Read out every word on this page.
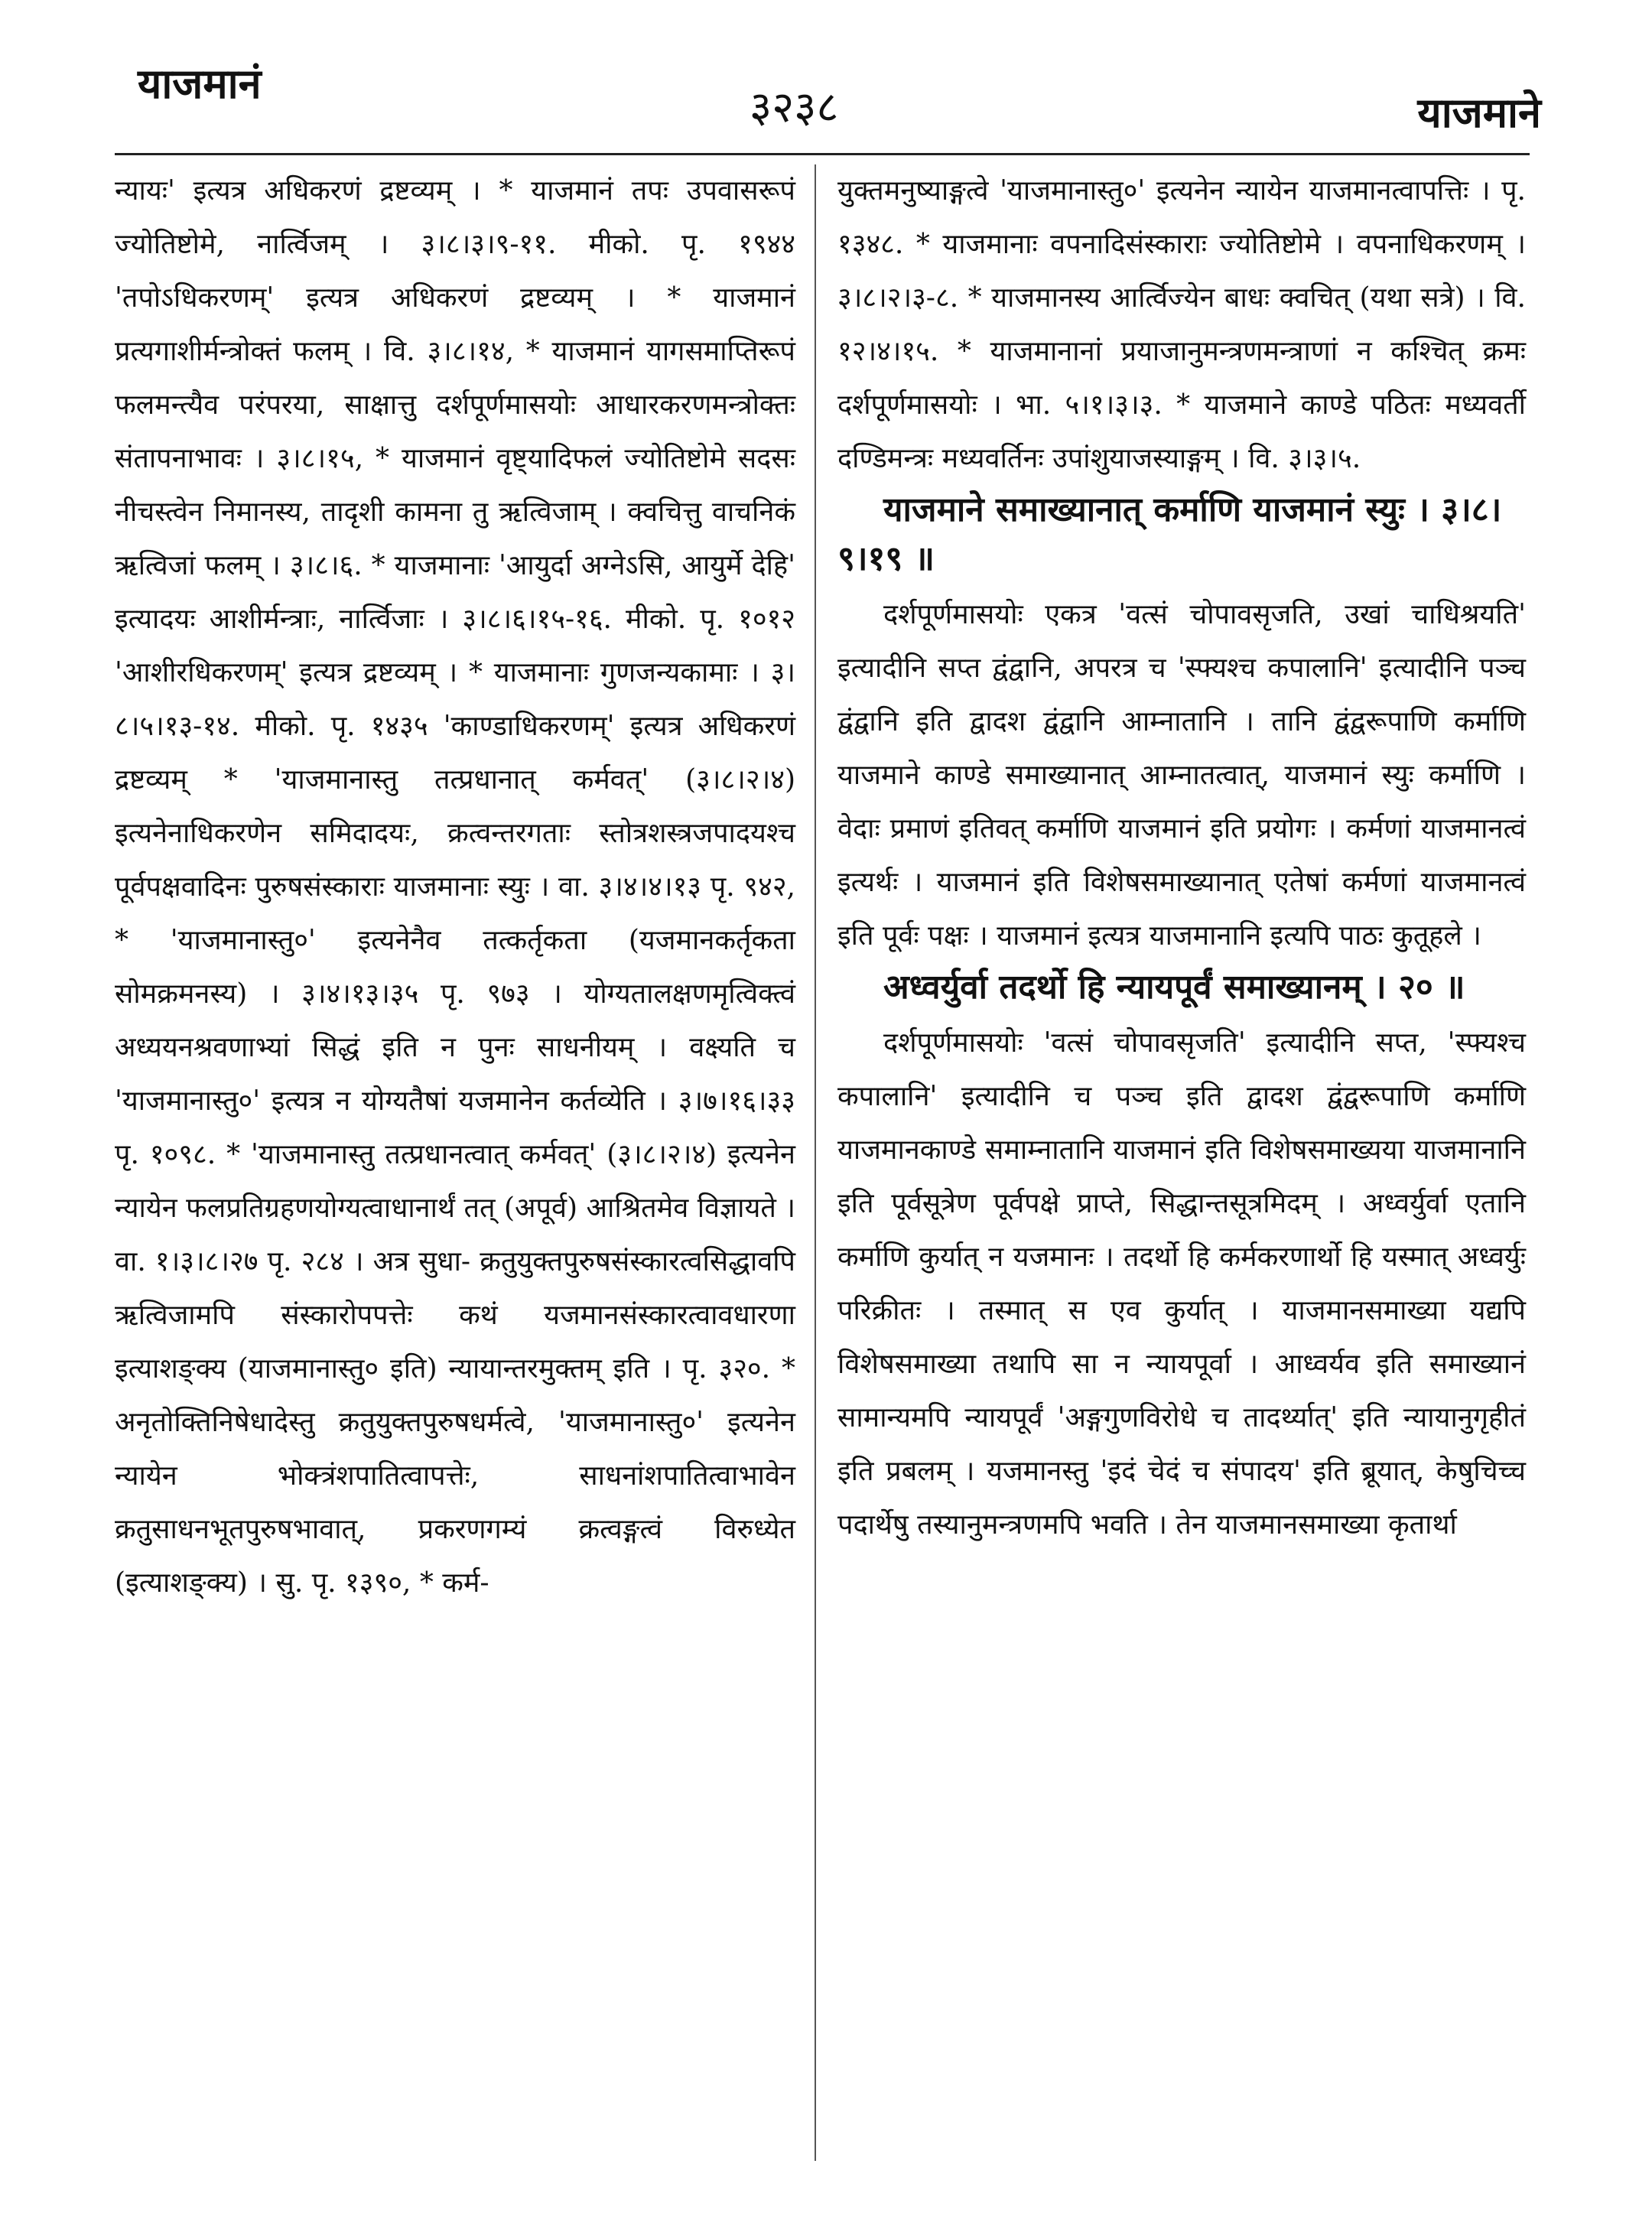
याजमानं	३२३८	याजमाने

न्यायः' इत्यत्र अधिकरणं द्रष्टव्यम् । * याजमानं तपः उपवासरूपं ज्योतिष्टोमे, नार्त्विजम् । ३।८।३।९-११. मीको. पृ. १९४४ 'तपोऽधिकरणम्' इत्यत्र अधिकरणं द्रष्टव्यम् । * याजमानं प्रत्यगाशीर्मन्त्रोक्तं फलम् । वि. ३।८।१४, * याजमानं यागसमाप्तिरूपं फलमन्त्यैव परंपरया, साक्षात्तु दर्शपूर्णमासयोः आधारकरणमन्त्रोक्तः संतापनाभावः । ३।८।१५, * याजमानं वृष्ट्यादिफलं ज्योतिष्टोमे सदसः नीचस्त्वेन निमानस्य, तादृशी कामना तु ऋत्विजाम् । क्वचित्तु वाचनिकं ऋत्विजां फलम् । ३।८।६. * याजमानाः 'आयुर्दा अग्नेऽसि, आयुर्मे देहि' इत्यादयः आशीर्मन्त्राः, नार्त्विजाः । ३।८।६।१५-१६. मीको. पृ. १०१२ 'आशीरधिकरणम्' इत्यत्र द्रष्टव्यम् । * याजमानाः गुणजन्यकामाः । ३।८।५।१३-१४. मीको. पृ. १४३५ 'काण्डाधिकरणम्' इत्यत्र अधिकरणं द्रष्टव्यम् * 'याजमानास्तु तत्प्रधानात् कर्मवत्' (३।८।२।४) इत्यनेनाधिकरणेन समिदादयः, क्रत्वन्तरगताः स्तोत्रशस्त्रजपादयश्च पूर्वपक्षवादिनः पुरुषसंस्काराः याजमानाः स्युः । वा. ३।४।४।१३ पृ. ९४२, * 'याजमानास्तु०' इत्यनेनैव तत्कर्तृकता (यजमानकर्तृकता सोमक्रमनस्य) । ३।४।१३।३५ पृ. ९७३ । योग्यतालक्षणमृत्विक्त्वं अध्ययनश्रवणाभ्यां सिद्धं इति न पुनः साधनीयम् । वक्ष्यति च 'याजमानास्तु०' इत्यत्र न योग्यतैषां यजमानेन कर्तव्येति । ३।७।१६।३३ पृ. १०९८. * 'याजमानास्तु तत्प्रधानत्वात् कर्मवत्' (३।८।२।४) इत्यनेन न्यायेन फलप्रतिग्रहणयोग्यत्वाधानार्थं तत् (अपूर्व) आश्रितमेव विज्ञायते । वा. १।३।८।२७ पृ. २८४ । अत्र सुधा- क्रतुयुक्तपुरुषसंस्कारत्वसिद्धावपि ऋत्विजामपि संस्कारोपपत्तेः कथं यजमानसंस्कारत्वावधारणा इत्याशङ्क्य (याजमानास्तु० इति) न्यायान्तरमुक्तम् इति । पृ. ३२०. * अनृतोक्तिनिषेधादेस्तु क्रतुयुक्तपुरुषधर्मत्वे, 'याजमानास्तु०' इत्यनेन न्यायेन भोक्त्रंशपातित्वापत्तेः, साधनांशपातित्वाभावेन क्रतुसाधनभूतपुरुषभावात्, प्रकरणगम्यं क्रत्वङ्गत्वं विरुध्येत (इत्याशङ्क्य) । सु. पृ. १३९०, * कर्म-

युक्तमनुष्याङ्गत्वे 'याजमानास्तु०' इत्यनेन न्यायेन याजमानत्वापत्तिः । पृ. १३४८. * याजमानाः वपनादिसंस्काराः ज्योतिष्टोमे । वपनाधिकरणम् । ३।८।२।३-८. * याजमानस्य आर्त्विज्येन बाधः क्वचित् (यथा सत्रे) । वि. १२।४।१५. * याजमानानां प्रयाजानुमन्त्रणमन्त्राणां न कश्चित् क्रमः दर्शपूर्णमासयोः । भा. ५।१।३।३. * याजमाने काण्डे पठितः मध्यवर्ती दण्डिमन्त्रः मध्यवर्तिनः उपांशुयाजस्याङ्गम् । वि. ३।३।५.

याजमाने समाख्यानात् कर्माणि याजमानं स्युः । ३।८।९।१९ ॥

दर्शपूर्णमासयोः एकत्र 'वत्सं चोपावसृजति, उखां चाधिश्रयति' इत्यादीनि सप्त द्वंद्वानि, अपरत्र च 'स्फ्यश्च कपालानि' इत्यादीनि पञ्च द्वंद्वानि इति द्वादश द्वंद्वानि आम्नातानि । तानि द्वंद्वरूपाणि कर्माणि याजमाने काण्डे समाख्यानात् आम्नातत्वात्, याजमानं स्युः कर्माणि । वेदाः प्रमाणं इतिवत् कर्माणि याजमानं इति प्रयोगः । कर्मणां याजमानत्वं इत्यर्थः । याजमानं इति विशेषसमाख्यानात् एतेषां कर्मणां याजमानत्वं इति पूर्वः पक्षः । याजमानं इत्यत्र याजमानानि इत्यपि पाठः कुतूहले ।

अध्वर्युर्वा तदर्थो हि न्यायपूर्वं समाख्यानम् । २० ॥

दर्शपूर्णमासयोः 'वत्सं चोपावसृजति' इत्यादीनि सप्त, 'स्फ्यश्च कपालानि' इत्यादीनि च पञ्च इति द्वादश द्वंद्वरूपाणि कर्माणि याजमानकाण्डे समाम्नातानि याजमानं इति विशेषसमाख्यया याजमानानि इति पूर्वसूत्रेण पूर्वपक्षे प्राप्ते, सिद्धान्तसूत्रमिदम् । अध्वर्युर्वा एतानि कर्माणि कुर्यात् न यजमानः । तदर्थो हि कर्मकरणार्थो हि यस्मात् अध्वर्युः परिक्रीतः । तस्मात् स एव कुर्यात् । याजमानसमाख्या यद्यपि विशेषसमाख्या तथापि सा न न्यायपूर्वा । आध्वर्यव इति समाख्यानं सामान्यमपि न्यायपूर्वं 'अङ्गगुणविरोधे च तादर्थ्यात्' इति न्यायानुगृहीतं इति प्रबलम् । यजमानस्तु 'इदं चेदं च संपादय' इति ब्रूयात्, केषुचिच्च पदार्थेषु तस्यानुमन्त्रणमपि भवति । तेन याजमानसमाख्या कृतार्था
